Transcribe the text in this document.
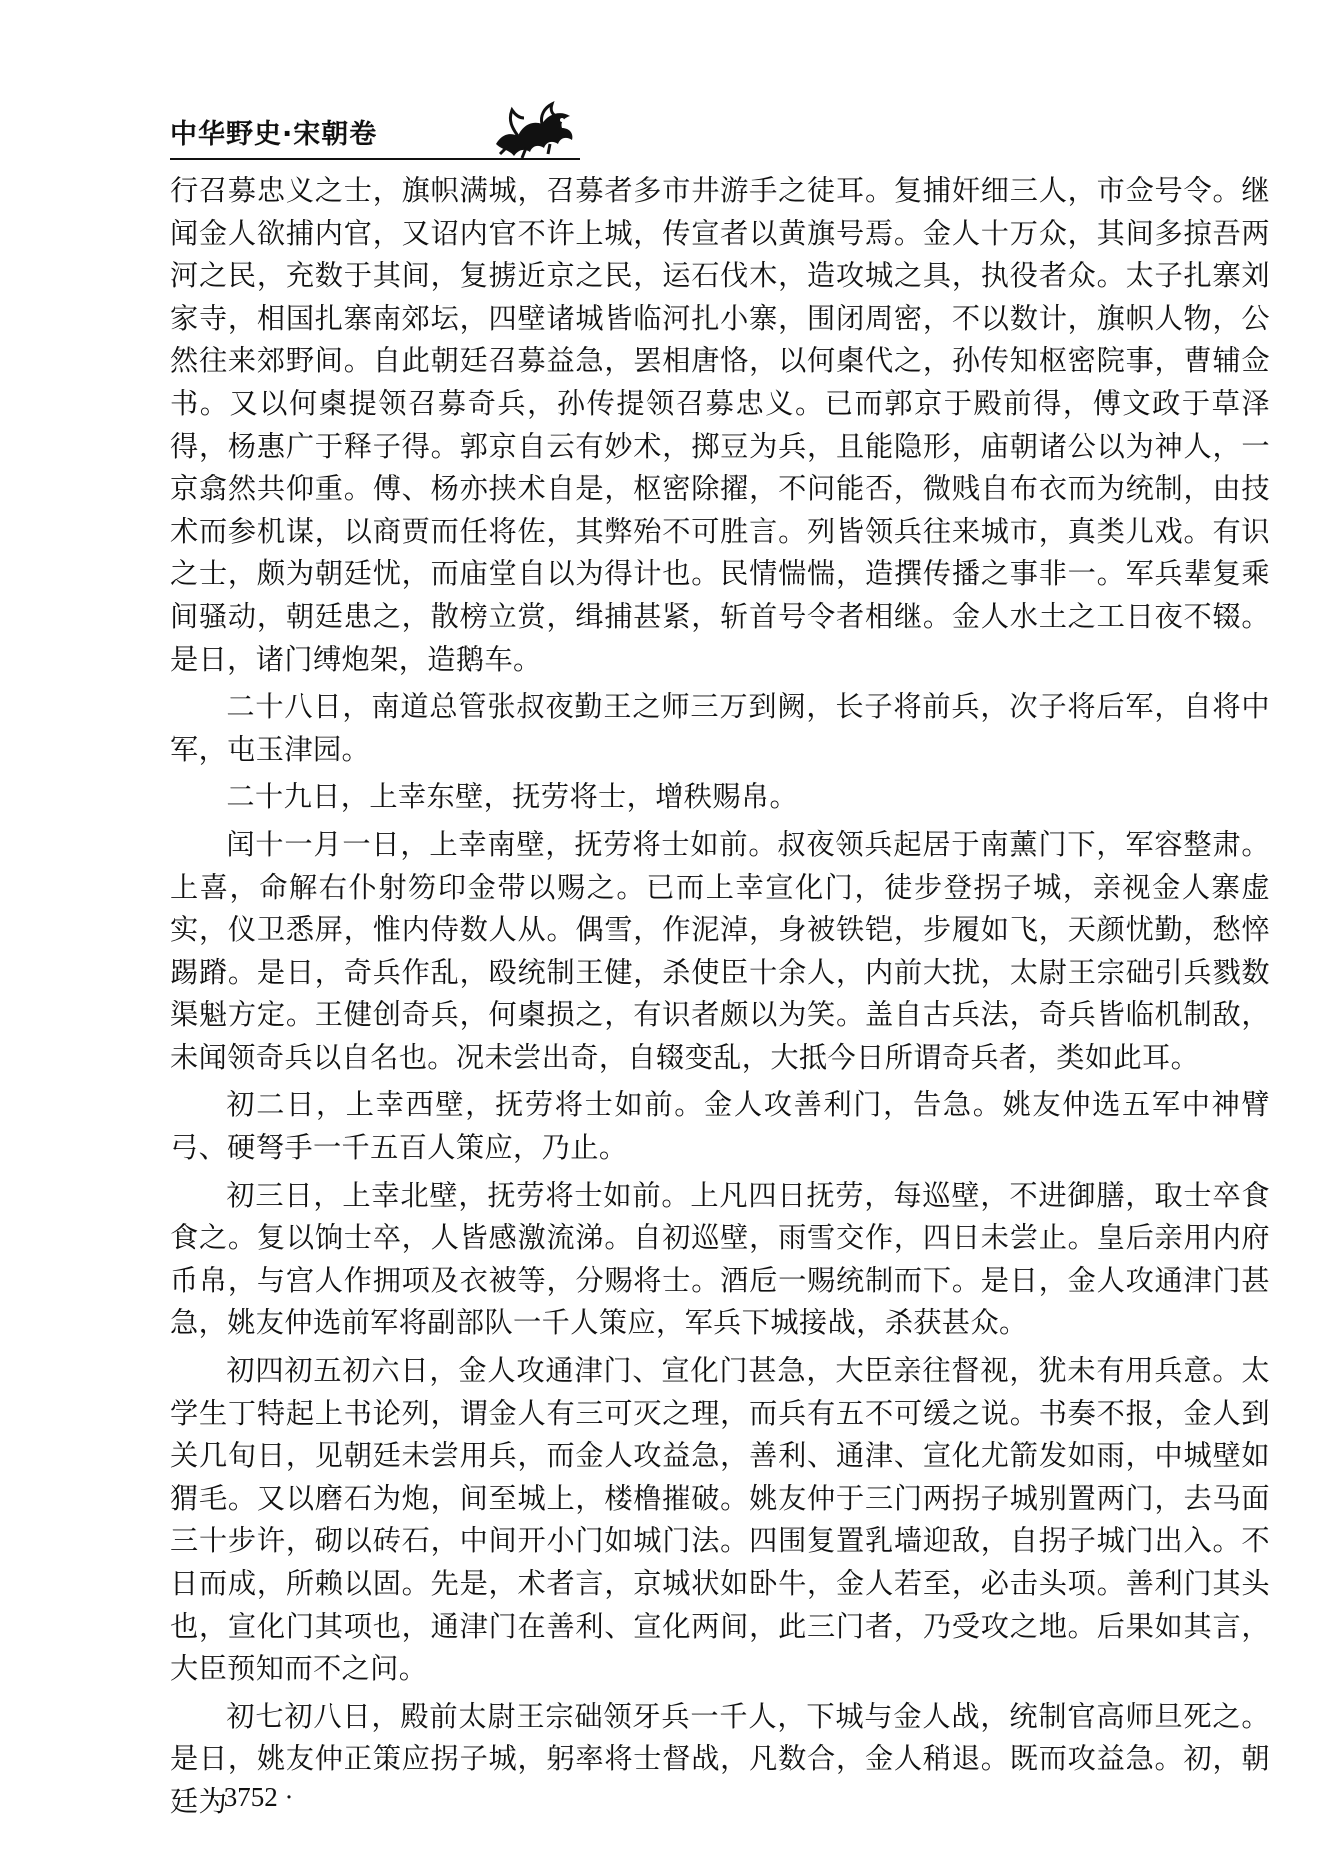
中华野史·宋朝卷

行召募忠义之士，旗帜满城，召募者多市井游手之徒耳。复捕奸细三人，市佥号令。继闻金人欲捕内官，又诏内官不许上城，传宣者以黄旗号焉。金人十万众，其间多掠吾两河之民，充数于其间，复掳近京之民，运石伐木，造攻城之具，执役者众。太子扎寨刘家寺，相国扎寨南郊坛，四壁诸城皆临河扎小寨，围闭周密，不以数计，旗帜人物，公然往来郊野间。自此朝廷召募益急，罢相唐恪，以何㮚代之，孙传知枢密院事，曹辅佥书。又以何㮚提领召募奇兵，孙传提领召募忠义。已而郭京于殿前得，傅文政于草泽得，杨惠广于释子得。郭京自云有妙术，掷豆为兵，且能隐形，庙朝诸公以为神人，一京翕然共仰重。傅、杨亦挟术自是，枢密除擢，不问能否，微贱自布衣而为统制，由技术而参机谋，以商贾而任将佐，其弊殆不可胜言。列皆领兵往来城市，真类儿戏。有识之士，颇为朝廷忧，而庙堂自以为得计也。民情惴惴，造撰传播之事非一。军兵辈复乘间骚动，朝廷患之，散榜立赏，缉捕甚紧，斩首号令者相继。金人水土之工日夜不辍。是日，诸门缚炮架，造鹅车。

二十八日，南道总管张叔夜勤王之师三万到阙，长子将前兵，次子将后军，自将中军，屯玉津园。

二十九日，上幸东壁，抚劳将士，增秩赐帛。

闰十一月一日，上幸南壁，抚劳将士如前。叔夜领兵起居于南薰门下，军容整肃。上喜，命解右仆射笏印金带以赐之。已而上幸宣化门，徒步登拐子城，亲视金人寨虚实，仪卫悉屏，惟内侍数人从。偶雪，作泥淖，身被铁铠，步履如飞，天颜忧勤，愁悴踢蹐。是日，奇兵作乱，殴统制王健，杀使臣十余人，内前大扰，太尉王宗础引兵戮数渠魁方定。王健创奇兵，何㮚损之，有识者颇以为笑。盖自古兵法，奇兵皆临机制敌，未闻领奇兵以自名也。况未尝出奇，自辍变乱，大抵今日所谓奇兵者，类如此耳。

初二日，上幸西壁，抚劳将士如前。金人攻善利门，告急。姚友仲选五军中神臂弓、硬弩手一千五百人策应，乃止。

初三日，上幸北壁，抚劳将士如前。上凡四日抚劳，每巡壁，不进御膳，取士卒食食之。复以饷士卒，人皆感激流涕。自初巡壁，雨雪交作，四日未尝止。皇后亲用内府币帛，与宫人作拥项及衣被等，分赐将士。酒卮一赐统制而下。是日，金人攻通津门甚急，姚友仲选前军将副部队一千人策应，军兵下城接战，杀获甚众。

初四初五初六日，金人攻通津门、宣化门甚急，大臣亲往督视，犹未有用兵意。太学生丁特起上书论列，谓金人有三可灭之理，而兵有五不可缓之说。书奏不报，金人到关几旬日，见朝廷未尝用兵，而金人攻益急，善利、通津、宣化尤箭发如雨，中城壁如猬毛。又以磨石为炮，间至城上，楼橹摧破。姚友仲于三门两拐子城别置两门，去马面三十步许，砌以砖石，中间开小门如城门法。四围复置乳墙迎敌，自拐子城门出入。不日而成，所赖以固。先是，术者言，京城状如卧牛，金人若至，必击头项。善利门其头也，宣化门其项也，通津门在善利、宣化两间，此三门者，乃受攻之地。后果如其言，大臣预知而不之问。

初七初八日，殿前太尉王宗础领牙兵一千人，下城与金人战，统制官高师旦死之。是日，姚友仲正策应拐子城，躬率将士督战，凡数合，金人稍退。既而攻益急。初，朝廷为

· 3752 ·
